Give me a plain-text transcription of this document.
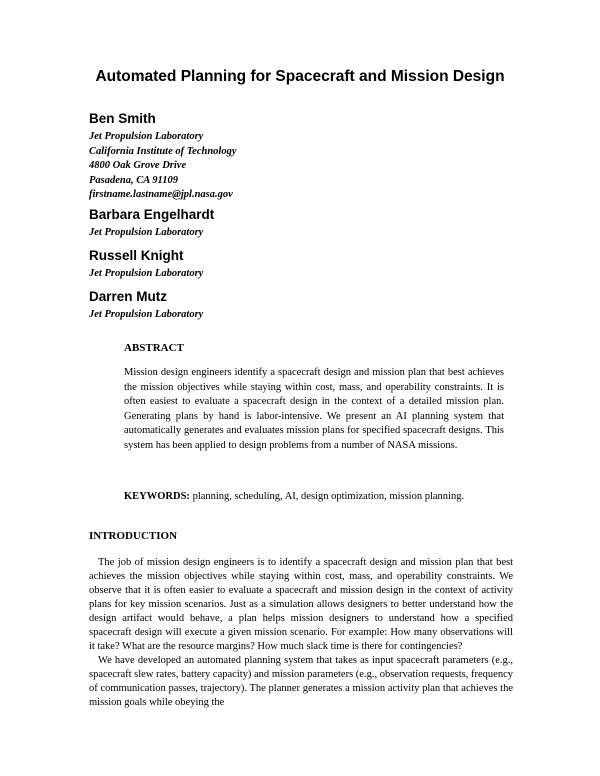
Automated Planning for Spacecraft and Mission Design

Ben Smith

Jet Propulsion Laboratory

California Institute of Technology

4800 Oak Grove Drive

Pasadena, CA 91109

firstname.lastname@jpl.nasa.gov

Barbara Engelhardt

Jet Propulsion Laboratory

Russell Knight

Jet Propulsion Laboratory

Darren Mutz

Jet Propulsion Laboratory

ABSTRACT

Mission design engineers identify a spacecraft design and mission plan that best achieves the mission objectives while staying within cost, mass, and operability constraints. It is often easiest to evaluate a spacecraft design in the context of a detailed mission plan. Generating plans by hand is labor-intensive. We present an AI planning system that automatically generates and evaluates mission plans for specified spacecraft designs. This system has been applied to design problems from a number of NASA missions.

KEYWORDS: planning, scheduling, AI, design optimization, mission planning.

INTRODUCTION

The job of mission design engineers is to identify a spacecraft design and mission plan that best achieves the mission objectives while staying within cost, mass, and operability constraints. We observe that it is often easier to evaluate a spacecraft and mission design in the context of activity plans for key mission scenarios. Just as a simulation allows designers to better understand how the design artifact would behave, a plan helps mission designers to understand how a specified spacecraft design will execute a given mission scenario. For example: How many observations will it take? What are the resource margins? How much slack time is there for contingencies?

We have developed an automated planning system that takes as input spacecraft parameters (e.g., spacecraft slew rates, battery capacity) and mission parameters (e.g., observation requests, frequency of communication passes, trajectory). The planner generates a mission activity plan that achieves the mission goals while obeying the
